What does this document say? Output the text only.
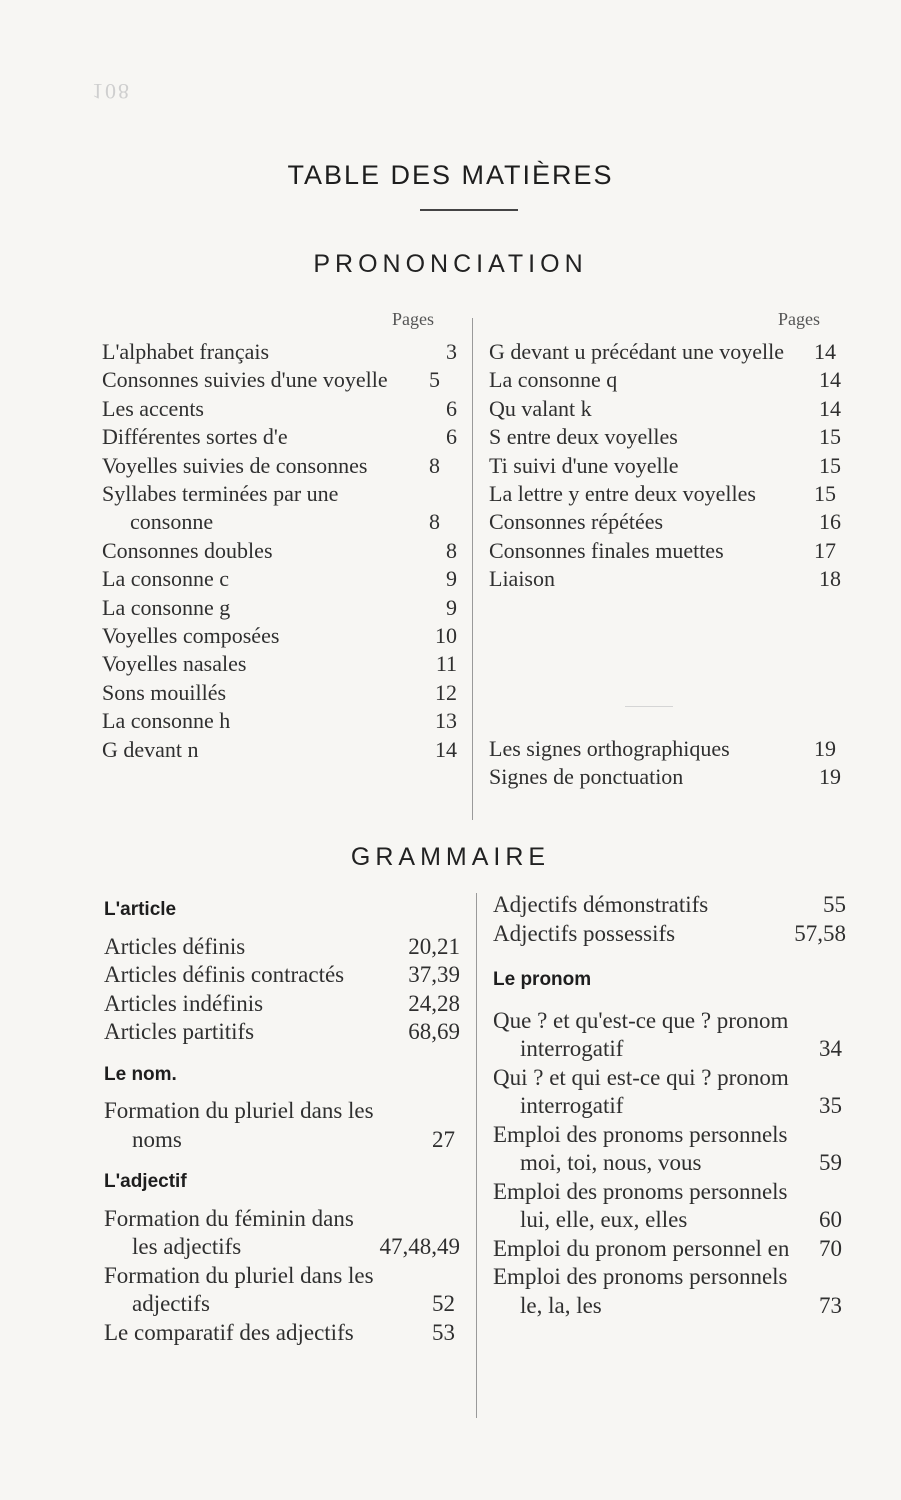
108
TABLE DES MATIÈRES
PRONONCIATION
Pages	Pages
L'alphabet français	3
Consonnes suivies d'une voyelle	5
Les accents	6
Différentes sortes d'e	6
Voyelles suivies de consonnes	8
Syllabes terminées par une consonne	8
Consonnes doubles	8
La consonne c	9
La consonne g	9
Voyelles composées	10
Voyelles nasales	11
Sons mouillés	12
La consonne h	13
G devant n	14
G devant u précédant une voyelle	14
La consonne q	14
Qu valant k	14
S entre deux voyelles	15
Ti suivi d'une voyelle	15
La lettre y entre deux voyelles	15
Consonnes répétées	16
Consonnes finales muettes	17
Liaison	18
Les signes orthographiques	19
Signes de ponctuation	19
GRAMMAIRE
L'article
Articles définis	20,21
Articles définis contractés	37,39
Articles indéfinis	24,28
Articles partitifs	68,69
Le nom.
Formation du pluriel dans les noms	27
L'adjectif
Formation du féminin dans les adjectifs	47,48,49
Formation du pluriel dans les adjectifs	52
Le comparatif des adjectifs	53
Adjectifs démonstratifs	55
Adjectifs possessifs	57,58
Le pronom
Que ? et qu'est-ce que ? pronom interrogatif	34
Qui ? et qui est-ce qui ? pronom interrogatif	35
Emploi des pronoms personnels moi, toi, nous, vous	59
Emploi des pronoms personnels lui, elle, eux, elles	60
Emploi du pronom personnel en	70
Emploi des pronoms personnels le, la, les	73
